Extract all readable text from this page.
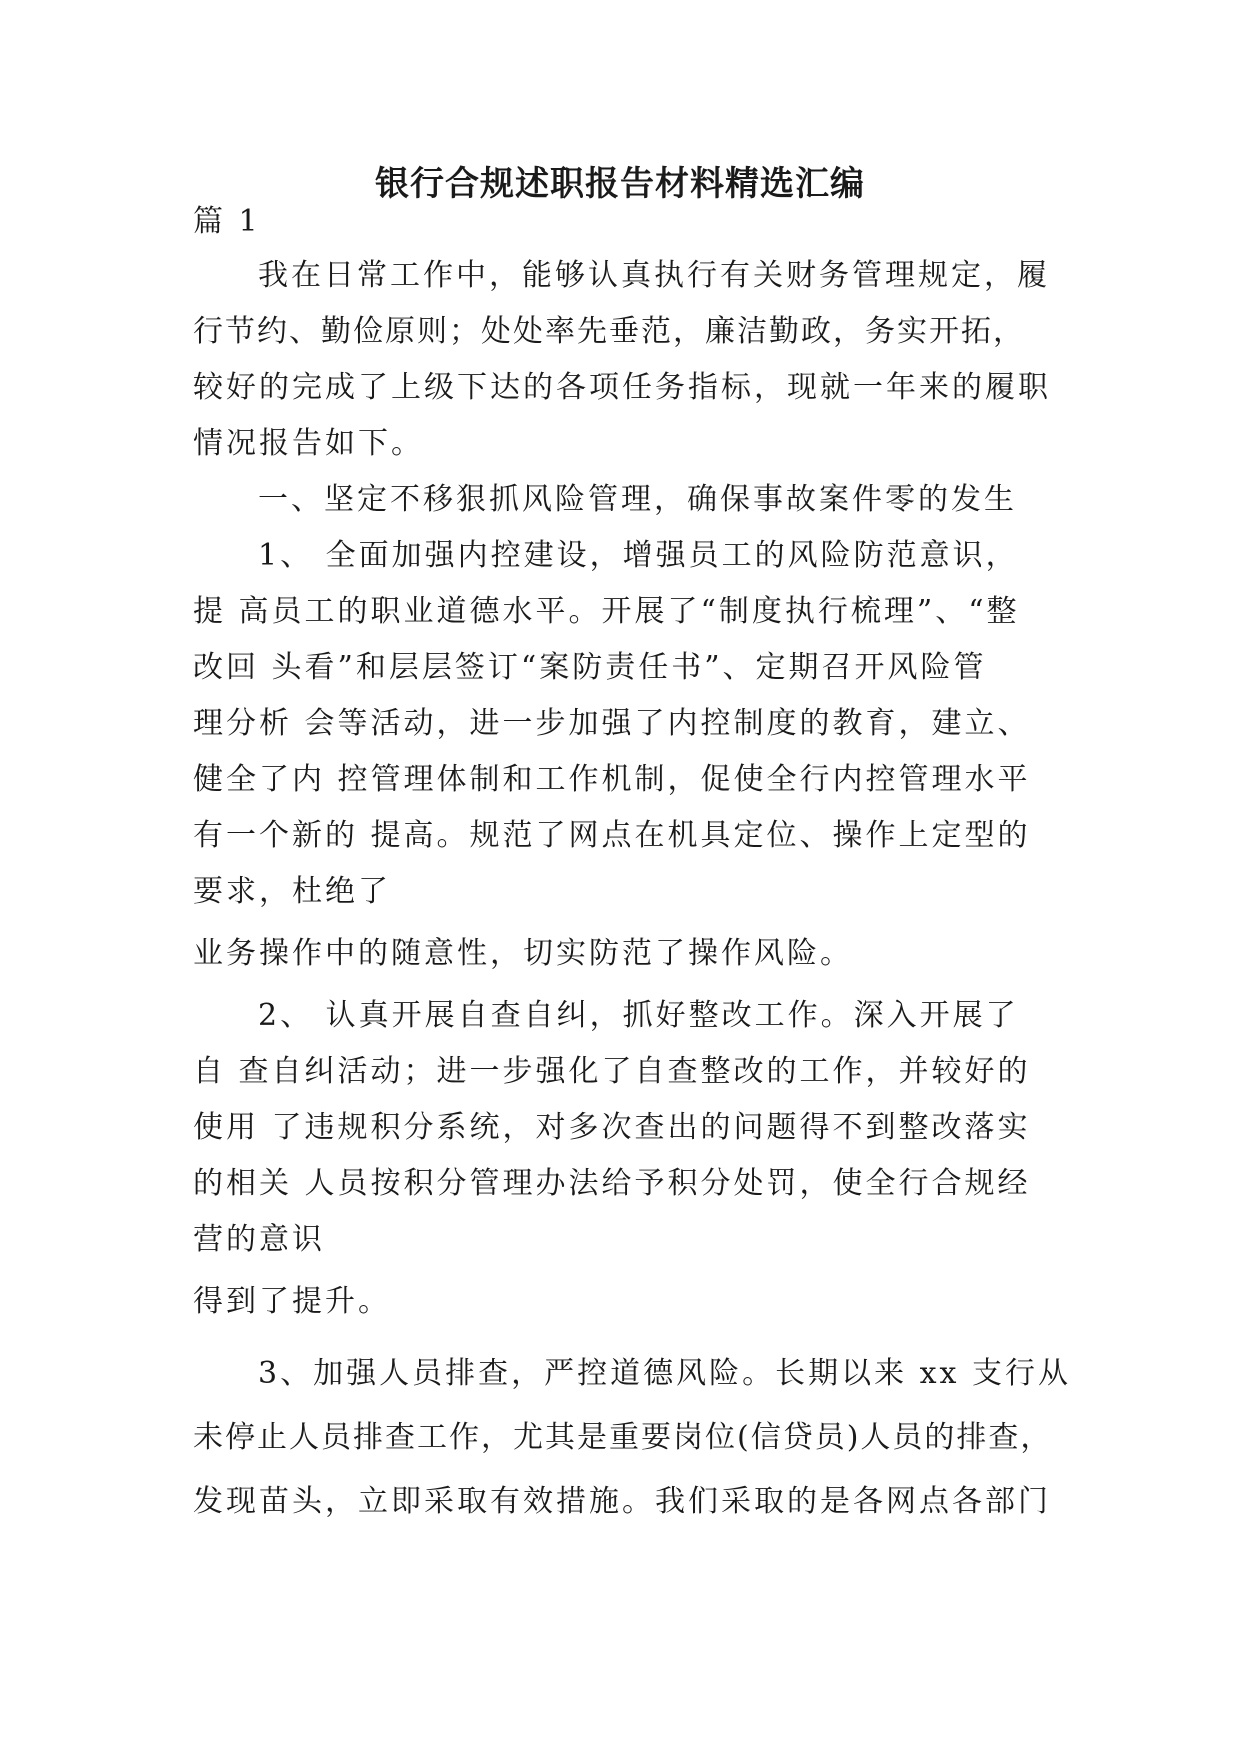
银行合规述职报告材料精选汇编
篇 1
我在日常工作中，能够认真执行有关财务管理规定，履
行节约、勤俭原则；处处率先垂范，廉洁勤政，务实开拓，
较好的完成了上级下达的各项任务指标，现就一年来的履职
情况报告如下。
一、坚定不移狠抓风险管理，确保事故案件零的发生
1、 全面加强内控建设，增强员工的风险防范意识，
提 高员工的职业道德水平。开展了“制度执行梳理”、“整
改回 头看”和层层签订“案防责任书”、定期召开风险管
理分析 会等活动，进一步加强了内控制度的教育，建立、
健全了内 控管理体制和工作机制，促使全行内控管理水平
有一个新的 提高。规范了网点在机具定位、操作上定型的
要求，杜绝了
业务操作中的随意性，切实防范了操作风险。
2、 认真开展自查自纠，抓好整改工作。深入开展了
自 查自纠活动；进一步强化了自查整改的工作，并较好的
使用 了违规积分系统，对多次查出的问题得不到整改落实
的相关 人员按积分管理办法给予积分处罚，使全行合规经
营的意识
得到了提升。
3、加强人员排查，严控道德风险。长期以来 xx 支行从
未停止人员排查工作，尤其是重要岗位(信贷员)人员的排查，
发现苗头，立即采取有效措施。我们采取的是各网点各部门
